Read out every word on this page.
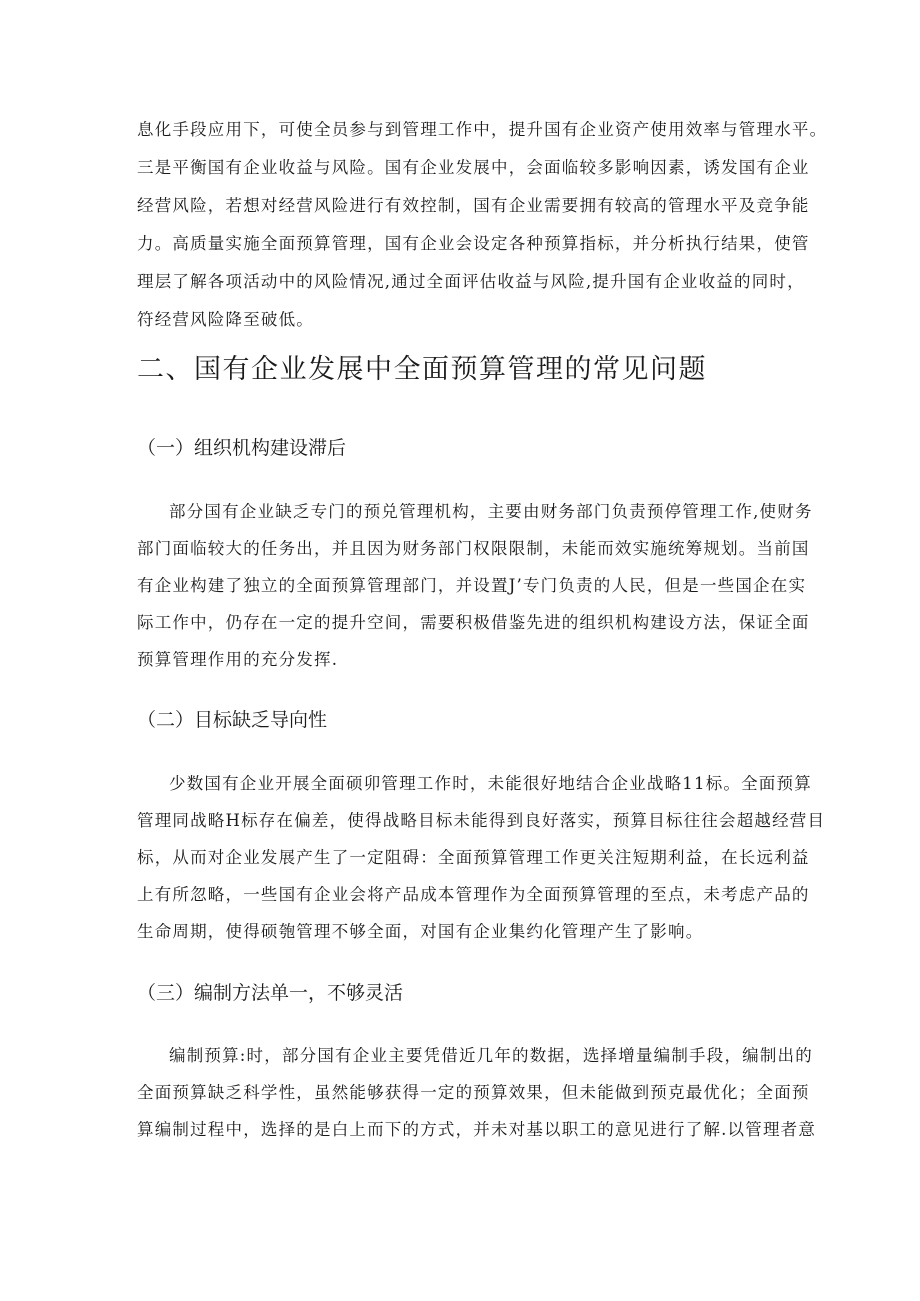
息化手段应用下，可使全员参与到管理工作中，提升国有企业资产使用效率与管理水平。
三是平衡国有企业收益与风险。国有企业发展中，会面临较多影响因素，诱发国有企业
经营风险，若想对经营风险进行有效控制，国有企业需要拥有较高的管理水平及竞争能
力。高质量实施全面预算管理，国有企业会设定各种预算指标，并分析执行结果，使管
理层了解各项活动中的风险情况,通过全面评估收益与风险,提升国有企业收益的同时，
符经营风险降至破低。
二、国有企业发展中全面预算管理的常见问题
（一）组织机构建设滞后
部分国有企业缺乏专门的预兑管理机构，主要由财务部门负责预停管理工作,使财务
部门面临较大的任务出，并且因为财务部门权限限制，未能而效实施统筹规划。当前国
有企业构建了独立的全面预算管理部门，并设置J’专门负责的人民，但是一些国企在实
际工作中，仍存在一定的提升空间，需要积极借鉴先进的组织机构建设方法，保证全面
预算管理作用的充分发挥.
（二）目标缺乏导向性
少数国有企业开展全面硕卯管理工作时，未能很好地结合企业战略11标。全面预算
管理同战略H标存在偏差，使得战略目标未能得到良好落实，预算目标往往会超越经营目
标，从而对企业发展产生了一定阻碍：全面预算管理工作更关注短期利益，在长远利益
上有所忽略，一些国有企业会将产品成本管理作为全面预算管理的至点，未考虑产品的
生命周期，使得硕匏管理不够全面，对国有企业集约化管理产生了影响。
（三）编制方法单一，不够灵活
编制预算:时，部分国有企业主要凭借近几年的数据，选择增量编制手段，编制出的
全面预算缺乏科学性，虽然能够获得一定的预算效果，但未能做到预克最优化；全面预
算编制过程中，选择的是白上而下的方式，并未对基以职工的意见进行了解.以管理者意
